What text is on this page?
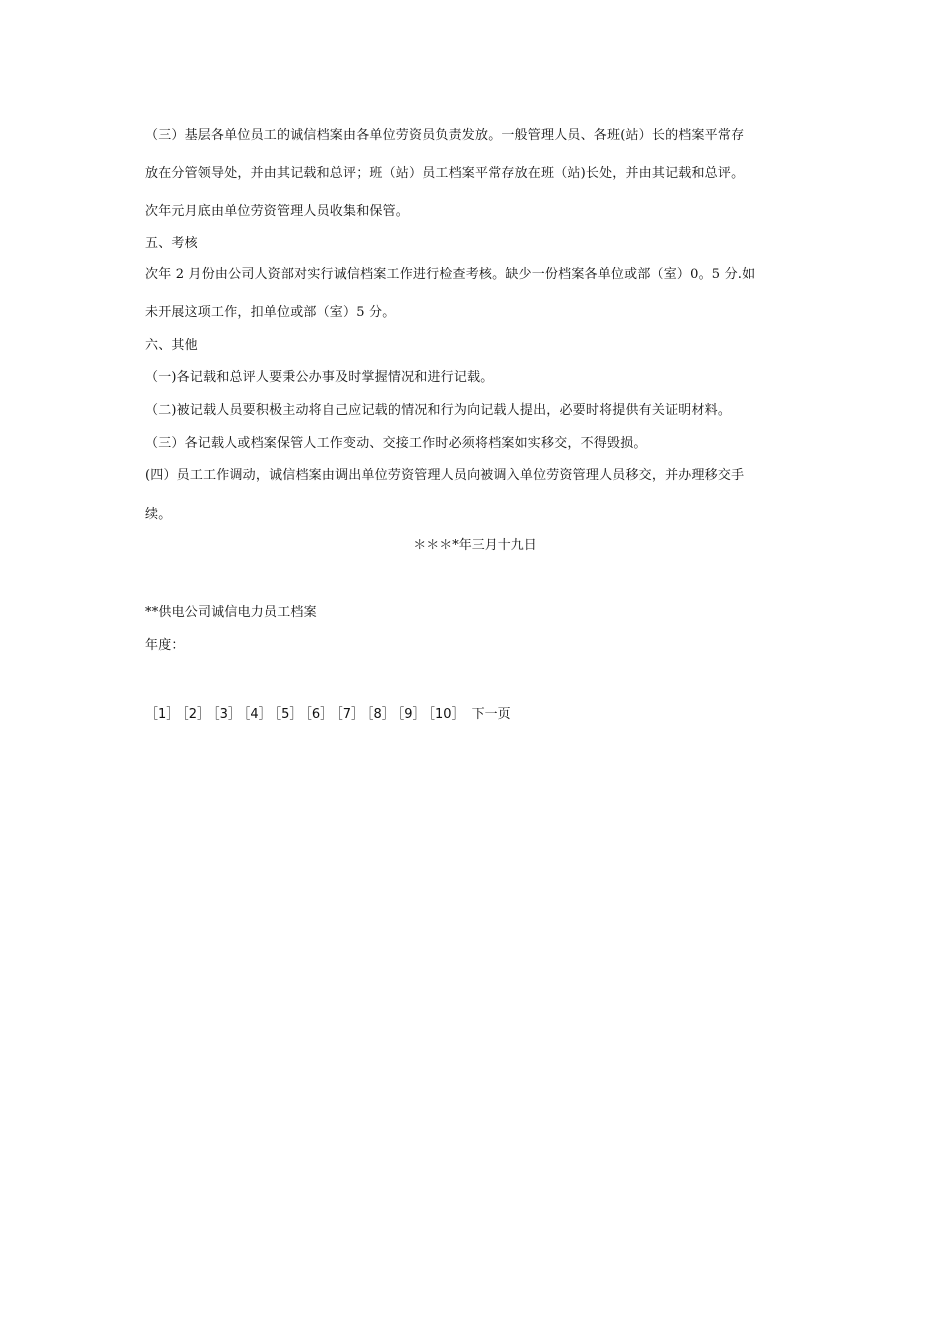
（三）基层各单位员工的诚信档案由各单位劳资员负责发放。一般管理人员、各班(站）长的档案平常存
放在分管领导处，并由其记载和总评；班（站）员工档案平常存放在班（站)长处，并由其记载和总评。
次年元月底由单位劳资管理人员收集和保管。
五、考核
次年 2 月份由公司人资部对实行诚信档案工作进行检查考核。缺少一份档案各单位或部（室）0。5 分.如
未开展这项工作，扣单位或部（室）5 分。
六、其他
（一)各记载和总评人要秉公办事及时掌握情况和进行记载。
（二)被记载人员要积极主动将自己应记载的情况和行为向记载人提出，必要时将提供有关证明材料。
（三）各记载人或档案保管人工作变动、交接工作时必须将档案如实移交，不得毁损。
(四）员工工作调动，诚信档案由调出单位劳资管理人员向被调入单位劳资管理人员移交，并办理移交手
续。
＊＊＊*年三月十九日
**供电公司诚信电力员工档案
年度：
［1］ ［2］ ［3］ ［4］ ［5］ ［6］ ［7］ ［8］ ［9］ ［10］ 下一页
